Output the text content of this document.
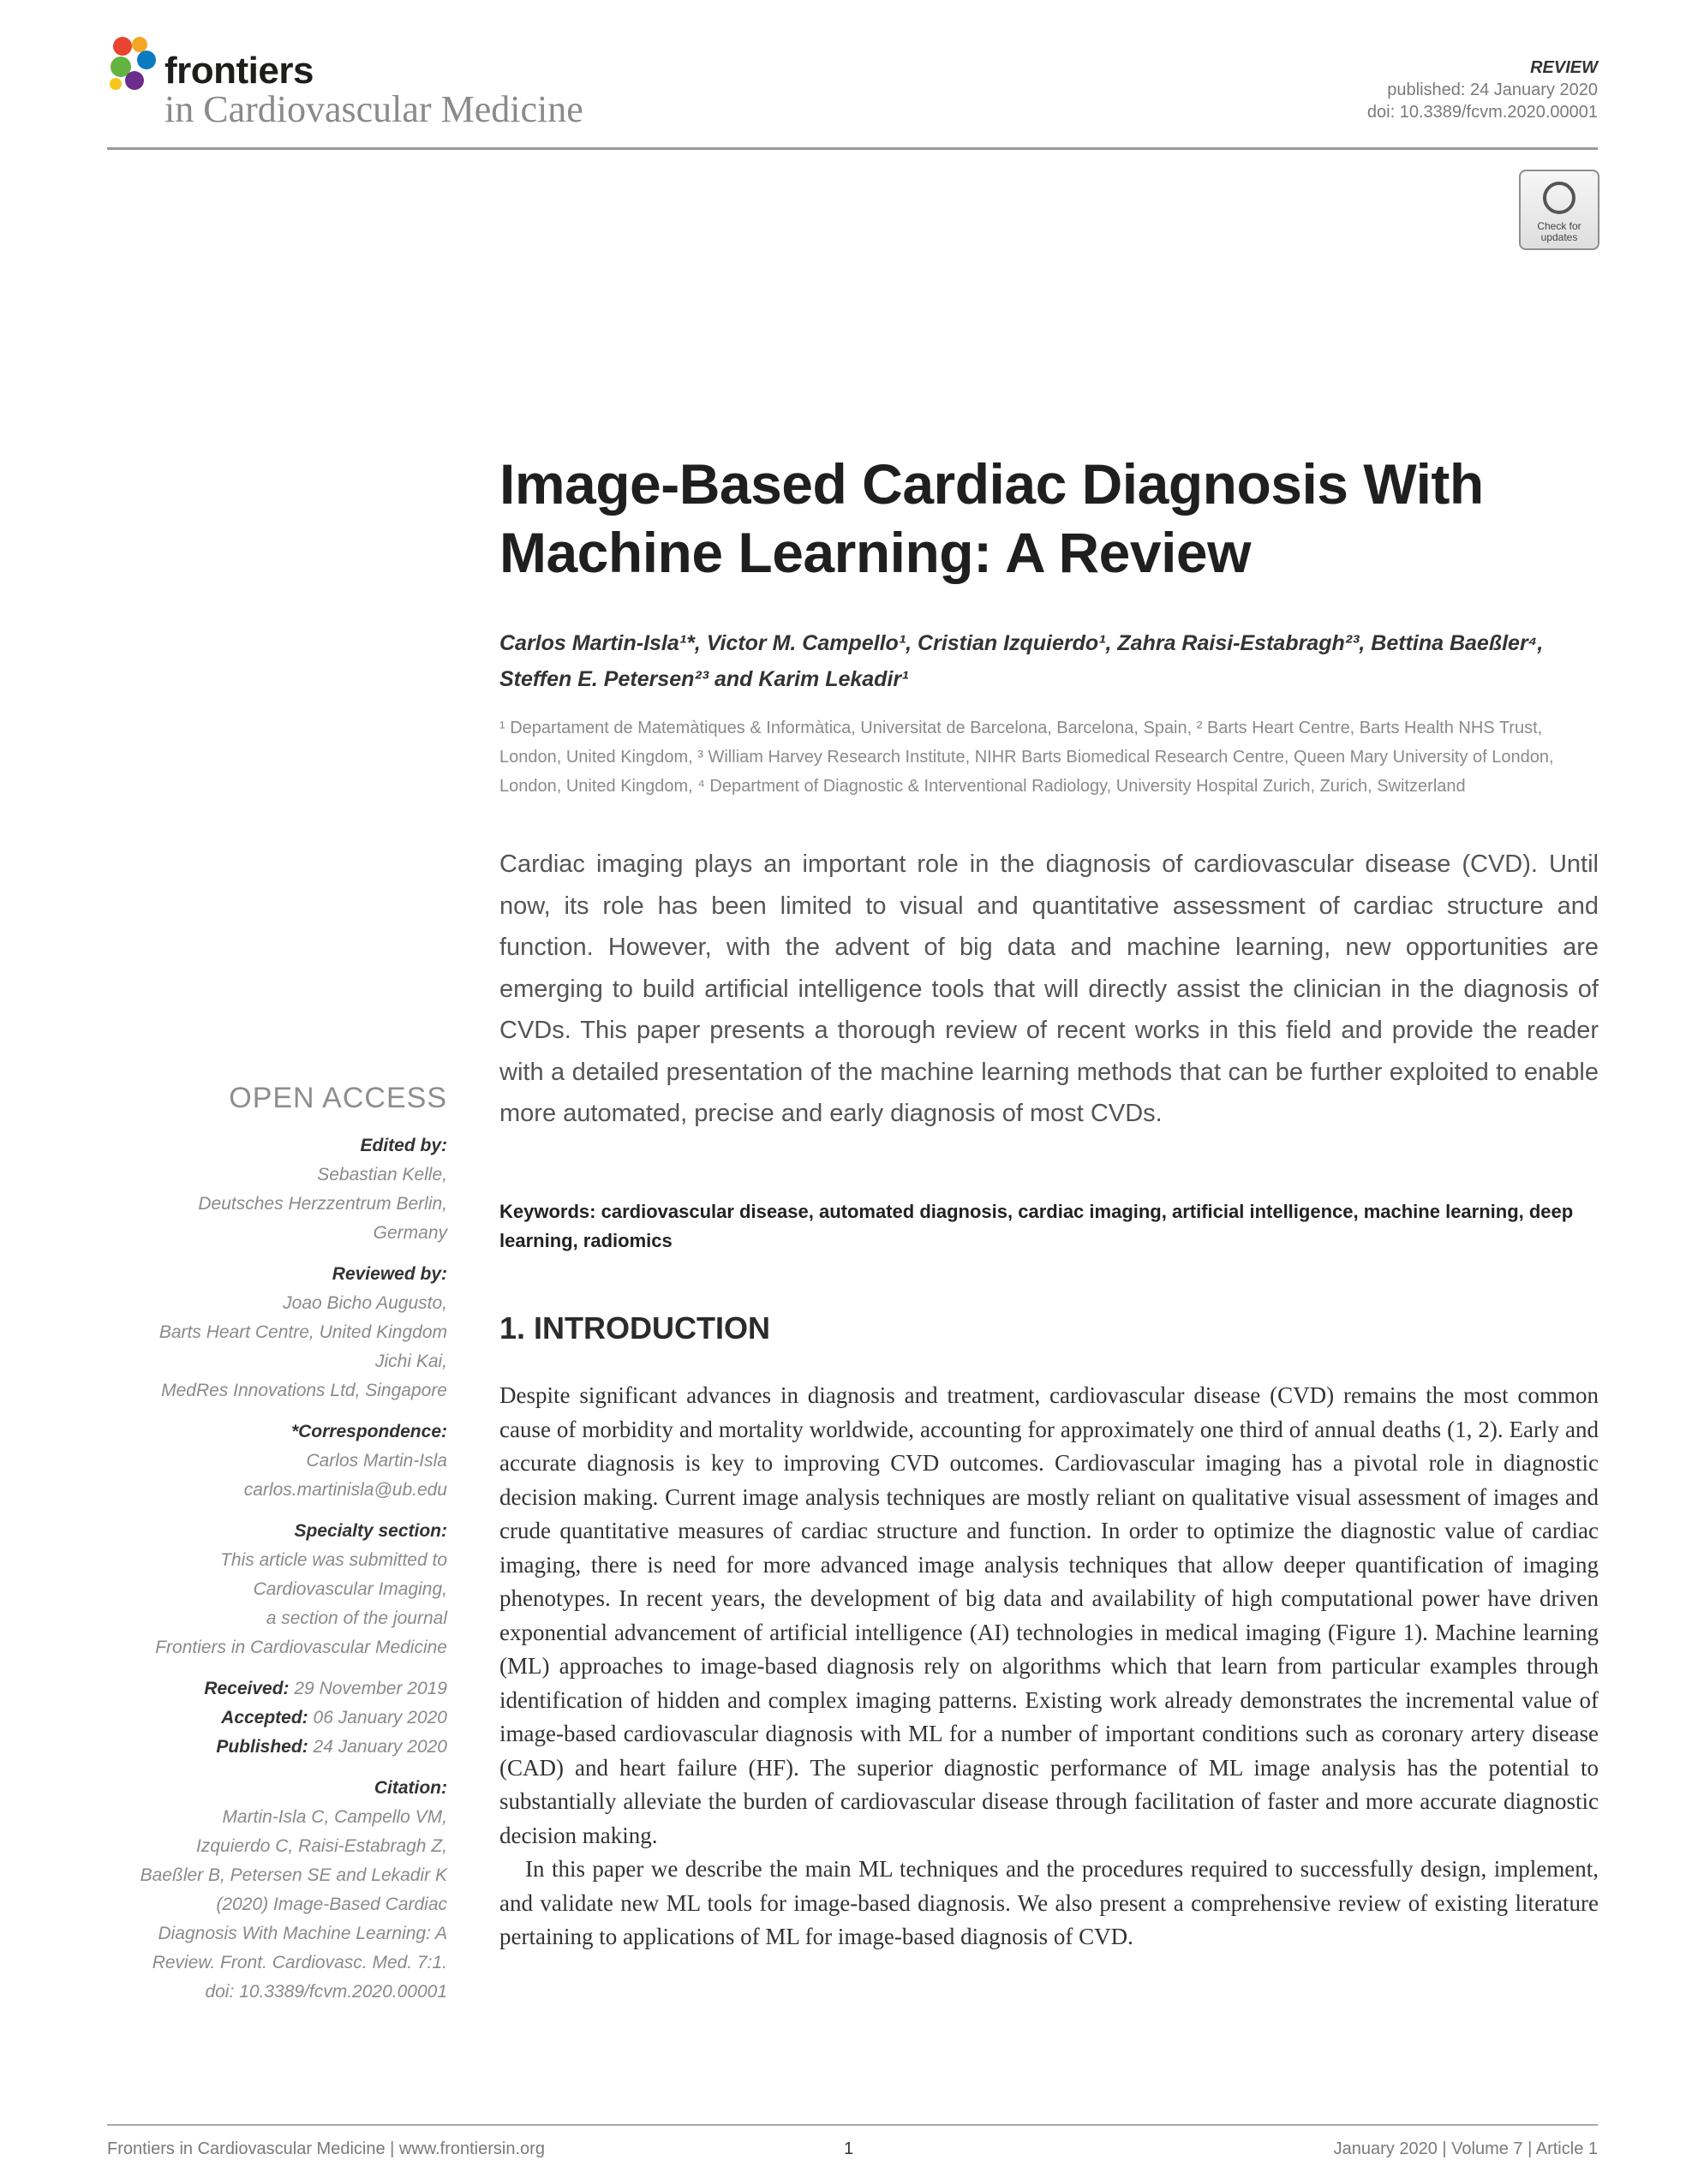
frontiers
in Cardiovascular Medicine
REVIEW
published: 24 January 2020
doi: 10.3389/fcvm.2020.00001
Check for updates
Image-Based Cardiac Diagnosis With Machine Learning: A Review
Carlos Martin-Isla¹*, Victor M. Campello¹, Cristian Izquierdo¹, Zahra Raisi-Estabragh²³, Bettina Baeßler⁴, Steffen E. Petersen²³ and Karim Lekadir¹
¹ Departament de Matemàtiques & Informàtica, Universitat de Barcelona, Barcelona, Spain, ² Barts Heart Centre, Barts Health NHS Trust, London, United Kingdom, ³ William Harvey Research Institute, NIHR Barts Biomedical Research Centre, Queen Mary University of London, London, United Kingdom, ⁴ Department of Diagnostic & Interventional Radiology, University Hospital Zurich, Zurich, Switzerland
Cardiac imaging plays an important role in the diagnosis of cardiovascular disease (CVD). Until now, its role has been limited to visual and quantitative assessment of cardiac structure and function. However, with the advent of big data and machine learning, new opportunities are emerging to build artificial intelligence tools that will directly assist the clinician in the diagnosis of CVDs. This paper presents a thorough review of recent works in this field and provide the reader with a detailed presentation of the machine learning methods that can be further exploited to enable more automated, precise and early diagnosis of most CVDs.
Keywords: cardiovascular disease, automated diagnosis, cardiac imaging, artificial intelligence, machine learning, deep learning, radiomics
1. INTRODUCTION

Despite significant advances in diagnosis and treatment, cardiovascular disease (CVD) remains the most common cause of morbidity and mortality worldwide, accounting for approximately one third of annual deaths (1, 2). Early and accurate diagnosis is key to improving CVD outcomes. Cardiovascular imaging has a pivotal role in diagnostic decision making. Current image analysis techniques are mostly reliant on qualitative visual assessment of images and crude quantitative measures of cardiac structure and function. In order to optimize the diagnostic value of cardiac imaging, there is need for more advanced image analysis techniques that allow deeper quantification of imaging phenotypes. In recent years, the development of big data and availability of high computational power have driven exponential advancement of artificial intelligence (AI) technologies in medical imaging (Figure 1). Machine learning (ML) approaches to image-based diagnosis rely on algorithms which that learn from particular examples through identification of hidden and complex imaging patterns. Existing work already demonstrates the incremental value of image-based cardiovascular diagnosis with ML for a number of important conditions such as coronary artery disease (CAD) and heart failure (HF). The superior diagnostic performance of ML image analysis has the potential to substantially alleviate the burden of cardiovascular disease through facilitation of faster and more accurate diagnostic decision making.

In this paper we describe the main ML techniques and the procedures required to successfully design, implement, and validate new ML tools for image-based diagnosis. We also present a comprehensive review of existing literature pertaining to applications of ML for image-based diagnosis of CVD.

OPEN ACCESS
Edited by:
Sebastian Kelle,
Deutsches Herzzentrum Berlin,
Germany
Reviewed by:
Joao Bicho Augusto,
Barts Heart Centre, United Kingdom
Jichi Kai,
MedRes Innovations Ltd, Singapore
*Correspondence:
Carlos Martin-Isla
carlos.martinisla@ub.edu
Specialty section:
This article was submitted to
Cardiovascular Imaging,
a section of the journal
Frontiers in Cardiovascular Medicine
Received: 29 November 2019
Accepted: 06 January 2020
Published: 24 January 2020
Citation:
Martin-Isla C, Campello VM,
Izquierdo C, Raisi-Estabragh Z,
Baeßler B, Petersen SE and Lekadir K
(2020) Image-Based Cardiac
Diagnosis With Machine Learning: A
Review. Front. Cardiovasc. Med. 7:1.
doi: 10.3389/fcvm.2020.00001
Frontiers in Cardiovascular Medicine | www.frontiersin.org	1	January 2020 | Volume 7 | Article 1
